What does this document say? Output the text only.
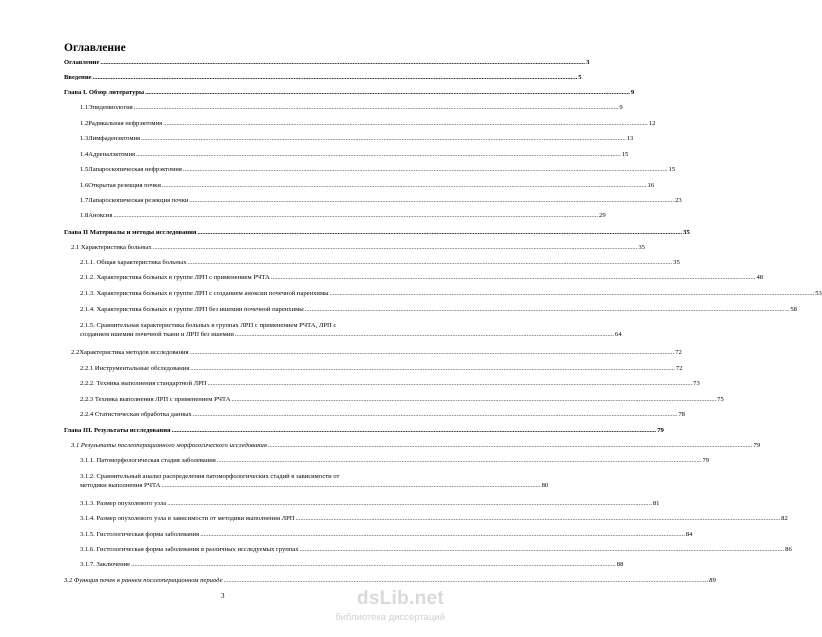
Оглавление
Оглавление .....	3
Введение .....	5
Глава I. Обзор литературы .....	9
1.1 Эпидемиология .....	9
1.2 Радикальная нефрэктомия .....	12
1.3 Лимфаденэктомия .....	13
1.4 Адреналэктомия .....	15
1.5 Лапароскопическая нефрэктомия .....	15
1.6 Открытая резекция почки .....	16
1.7 Лапароскопическая резекция почки .....	23
1.8 Аноксия .....	29
Глава II Материалы и методы исследования .....	35
2.1 Характеристика больных .....	35
2.1.1. Общая характеристика больных .....	35
2.1.2. Характеристика больных в группе ЛРП с применением РЧТА .....	48
2.1.3. Характеристика больных в группе ЛРП с созданием аноксии почечной паренхимы .....	53
2.1.4. Характеристика больных в группе ЛРП без ишемии почечной паренхимы .....	58
2.1.5. Сравнительная характеристика больных в группах ЛРП с применением РЧТА, ЛРП с
созданием ишемии почечной ткани и ЛРП без ишемии .....	64
2.2 Характеристика методов исследования .....	72
2.2.1 Инструментальные обследования .....	72
2.2.2. Техника выполнения стандартной ЛРП .....	73
2.2.3 Техника выполнения ЛРП с применением РЧТА .....	75
2.2.4 Статистическая обработка данных .....	78
Глава III. Результаты исследования .....	79
3.1 Результаты послеоперационного морфологического исследования .....	79
3.1.1. Патоморфологическая стадия заболевания .....	79
3.1.2. Сравнительный анализ распределения патоморфологических стадий в зависимости от
методики выполнения РЧТА .....	80
3.1.3. Размер опухолевого узла .....	81
3.1.4. Размер опухолевого узла в зависимости от методики выполнения ЛРП .....	82
3.1.5. Гистологическая форма заболевания .....	84
3.1.6. Гистологическая форма заболевания в различных исследуемых группах .....	86
3.1.7. Заключение .....	88
3.2 Функция почек в раннем послеоперационном периоде .....	89
3	dsLib.net
библиотека диссертаций
